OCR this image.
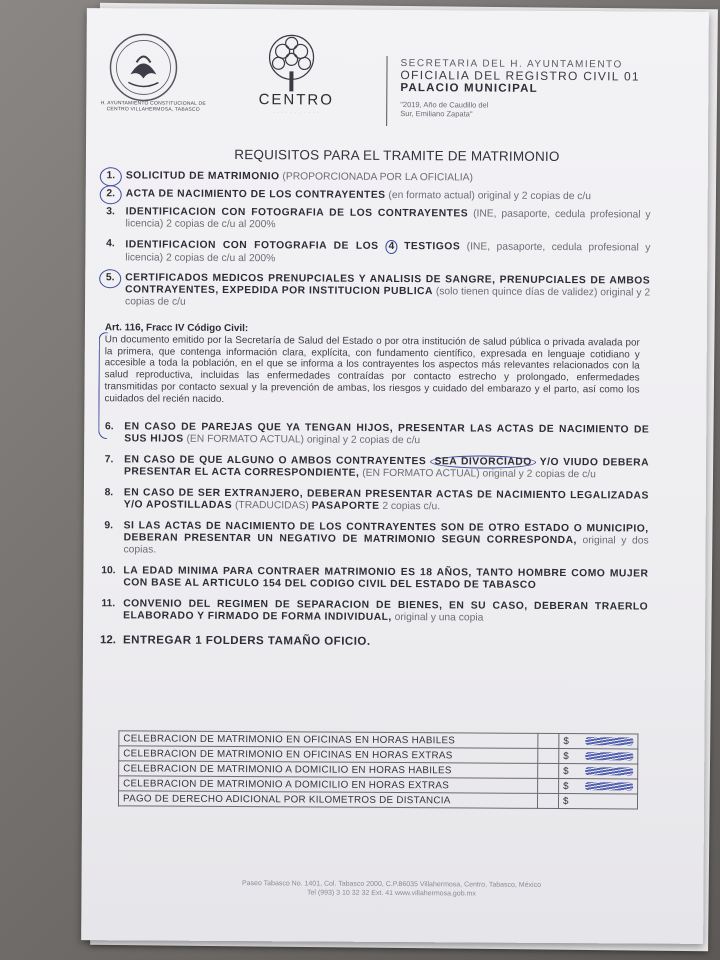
H. AYUNTAMIENTO CONSTITUCIONAL DE CENTRO VILLAHERMOSA, TABASCO
CENTRO
· · · · · · · · · · ·
SECRETARIA DEL H. AYUNTAMIENTO
OFICIALIA DEL REGISTRO CIVIL 01
PALACIO MUNICIPAL
"2019, Año de Caudillo del Sur, Emiliano Zapata"
REQUISITOS PARA EL TRAMITE DE MATRIMONIO
1.	SOLICITUD DE MATRIMONIO (PROPORCIONADA POR LA OFICIALIA)
2.	ACTA DE NACIMIENTO DE LOS CONTRAYENTES (en formato actual) original y 2 copias de c/u
3.	IDENTIFICACION CON FOTOGRAFIA DE LOS CONTRAYENTES (INE, pasaporte, cedula profesional y licencia) 2 copias de c/u al 200%
4.	IDENTIFICACION CON FOTOGRAFIA DE LOS 4 TESTIGOS (INE, pasaporte, cedula profesional y licencia) 2 copias de c/u al 200%
5.	CERTIFICADOS MEDICOS PRENUPCIALES Y ANALISIS DE SANGRE, PRENUPCIALES DE AMBOS CONTRAYENTES, EXPEDIDA POR INSTITUCION PUBLICA (solo tienen quince días de validez) original y 2 copias de c/u
Art. 116, Fracc IV Código Civil:

Un documento emitido por la Secretaría de Salud del Estado o por otra institución de salud pública o privada avalada por la primera, que contenga información clara, explícita, con fundamento científico, expresada en lenguaje cotidiano y accesible a toda la población, en el que se informa a los contrayentes los aspectos más relevantes relacionados con la salud reproductiva, incluidas las enfermedades contraídas por contacto estrecho y prolongado, enfermedades transmitidas por contacto sexual y la prevención de ambas, los riesgos y cuidado del embarazo y el parto, así como los cuidados del recién nacido.

6.	EN CASO DE PAREJAS QUE YA TENGAN HIJOS, PRESENTAR LAS ACTAS DE NACIMIENTO DE SUS HIJOS (EN FORMATO ACTUAL) original y 2 copias de c/u
7.	EN CASO DE QUE ALGUNO O AMBOS CONTRAYENTES SEA DIVORCIADO Y/O VIUDO DEBERA PRESENTAR EL ACTA CORRESPONDIENTE, (EN FORMATO ACTUAL) original y 2 copias de c/u
8.	EN CASO DE SER EXTRANJERO, DEBERAN PRESENTAR ACTAS DE NACIMIENTO LEGALIZADAS Y/O APOSTILLADAS (TRADUCIDAS) PASAPORTE 2 copias c/u.
9.	SI LAS ACTAS DE NACIMIENTO DE LOS CONTRAYENTES SON DE OTRO ESTADO O MUNICIPIO, DEBERAN PRESENTAR UN NEGATIVO DE MATRIMONIO SEGUN CORRESPONDA, original y dos copias.
10. LA EDAD MINIMA PARA CONTRAER MATRIMONIO ES 18 AÑOS, TANTO HOMBRE COMO MUJER CON BASE AL ARTICULO 154 DEL CODIGO CIVIL DEL ESTADO DE TABASCO
11. CONVENIO DEL REGIMEN DE SEPARACION DE BIENES, EN SU CASO, DEBERAN TRAERLO ELABORADO Y FIRMADO DE FORMA INDIVIDUAL, original y una copia
12. ENTREGAR 1 FOLDERS TAMAÑO OFICIO.
CELEBRACION DE MATRIMONIO EN OFICINAS EN HORAS HABILES		$

CELEBRACION DE MATRIMONIO EN OFICINAS EN HORAS EXTRAS		$

CELEBRACION DE MATRIMONIO A DOMICILIO EN HORAS HABILES		$

CELEBRACION DE MATRIMONIO A DOMICILIO EN HORAS EXTRAS		$

PAGO DE DERECHO ADICIONAL POR KILOMETROS DE DISTANCIA		$
Paseo Tabasco No. 1401, Col. Tabasco 2000, C.P.86035 Villahermosa, Centro, Tabasco, México
Tel (993) 3 10 32 32 Ext. 41 www.villahermosa.gob.mx
